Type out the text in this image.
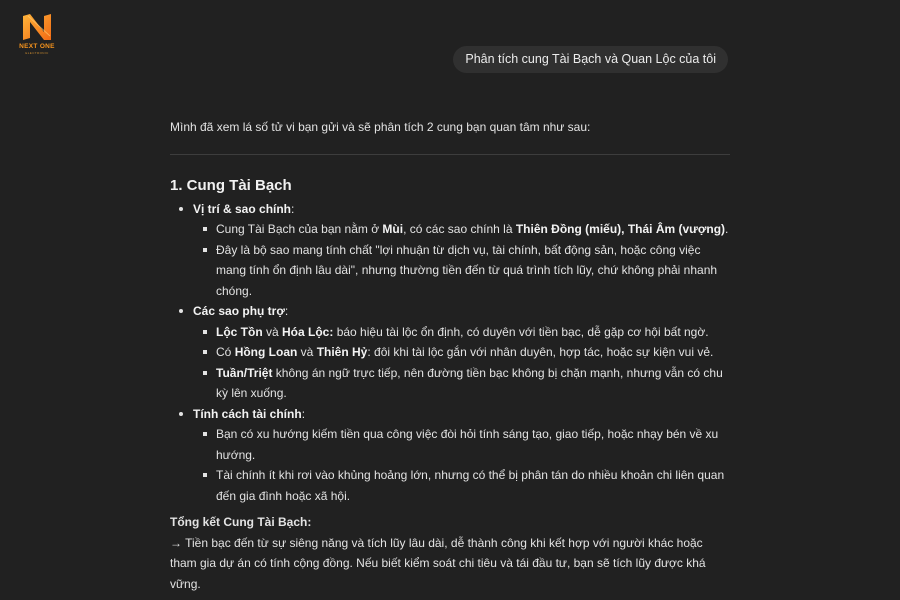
NEXT ONE
ELECTRONIC	Phân tích cung Tài Bạch và Quan Lộc của tôi

Mình đã xem lá số tử vi bạn gửi và sẽ phân tích 2 cung bạn quan tâm như sau:

1. Cung Tài Bạch
Vị trí & sao chính:
Cung Tài Bạch của bạn nằm ở Mùi, có các sao chính là Thiên Đồng (miếu), Thái Âm (vượng).
Đây là bộ sao mang tính chất "lợi nhuận từ dịch vụ, tài chính, bất động sản, hoặc công việc mang tính ổn định lâu dài", nhưng thường tiền đến từ quá trình tích lũy, chứ không phải nhanh chóng.
Các sao phụ trợ:
Lộc Tồn và Hóa Lộc: báo hiệu tài lộc ổn định, có duyên với tiền bạc, dễ gặp cơ hội bất ngờ.
Có Hồng Loan và Thiên Hỷ: đôi khi tài lộc gắn với nhân duyên, hợp tác, hoặc sự kiện vui vẻ.
Tuần/Triệt không án ngữ trực tiếp, nên đường tiền bạc không bị chặn mạnh, nhưng vẫn có chu kỳ lên xuống.
Tính cách tài chính:
Bạn có xu hướng kiếm tiền qua công việc đòi hỏi tính sáng tạo, giao tiếp, hoặc nhạy bén về xu hướng.
Tài chính ít khi rơi vào khủng hoảng lớn, nhưng có thể bị phân tán do nhiều khoản chi liên quan đến gia đình hoặc xã hội.

Tổng kết Cung Tài Bạch:

→ Tiền bạc đến từ sự siêng năng và tích lũy lâu dài, dễ thành công khi kết hợp với người khác hoặc tham gia dự án có tính cộng đồng. Nếu biết kiểm soát chi tiêu và tái đầu tư, bạn sẽ tích lũy được khá vững.
